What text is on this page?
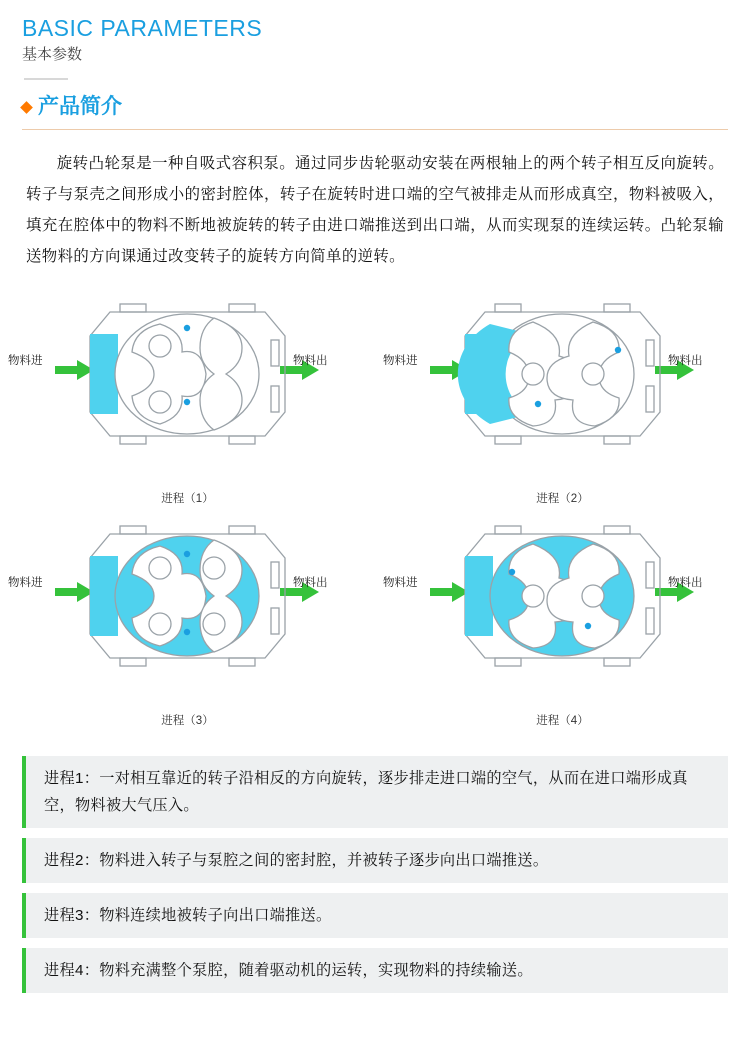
BASIC PARAMETERS
基本参数
产品简介

旋转凸轮泵是一种自吸式容积泵。通过同步齿轮驱动安装在两根轴上的两个转子相互反向旋转。转子与泵壳之间形成小的密封腔体，转子在旋转时进口端的空气被排走从而形成真空，物料被吸入，填充在腔体中的物料不断地被旋转的转子由进口端推送到出口端，从而实现泵的连续运转。凸轮泵输送物料的方向课通过改变转子的旋转方向简单的逆转。

物料进	物料出
进程（1）
物料进	物料出
进程（2）
物料进	物料出
进程（3）
物料进	物料出
进程（4）
进程1：一对相互靠近的转子沿相反的方向旋转，逐步排走进口端的空气，从而在进口端形成真空，物料被大气压入。
进程2：物料进入转子与泵腔之间的密封腔，并被转子逐步向出口端推送。
进程3：物料连续地被转子向出口端推送。
进程4：物料充满整个泵腔，随着驱动机的运转，实现物料的持续输送。
